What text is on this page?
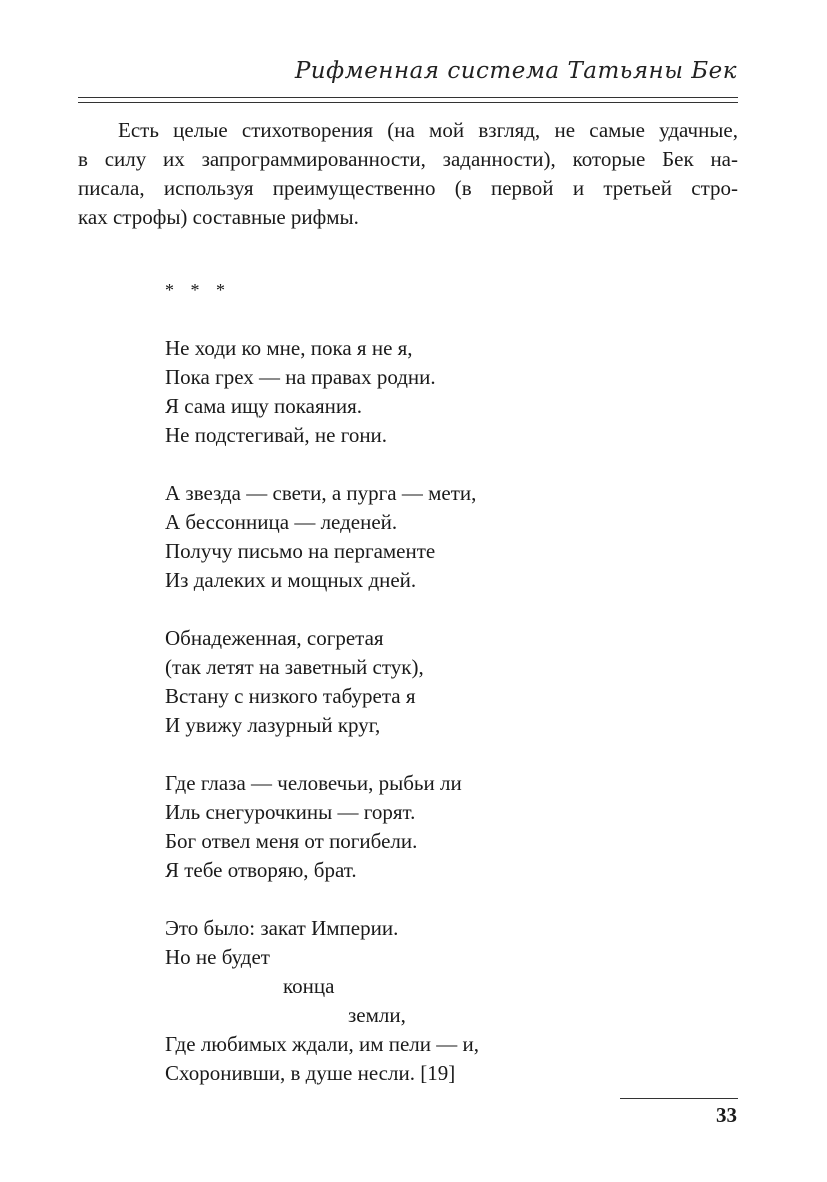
Рифменная система Татьяны Бек

Есть целые стихотворения (на мой взгляд, не самые удачные,
в силу их запрограммированности, заданности), которые Бек на-
писала, используя преимущественно (в первой и третьей стро-
ках строфы) составные рифмы.

* * *
Не ходи ко мне, пока я не я,
Пока грех — на правах родни.
Я сама ищу покаяния.
Не подстегивай, не гони.
А звезда — свети, а пурга — мети,
А бессонница — леденей.
Получу письмо на пергаменте
Из далеких и мощных дней.
Обнадеженная, согретая
(так летят на заветный стук),
Встану с низкого табурета я
И увижу лазурный круг,
Где глаза — человечьи, рыбьи ли
Иль снегурочкины — горят.
Бог отвел меня от погибели.
Я тебе отворяю, брат.
Это было: закат Империи.
Но не будет
конца
земли,
Где любимых ждали, им пели — и,
Схоронивши, в душе несли. [19]
33
